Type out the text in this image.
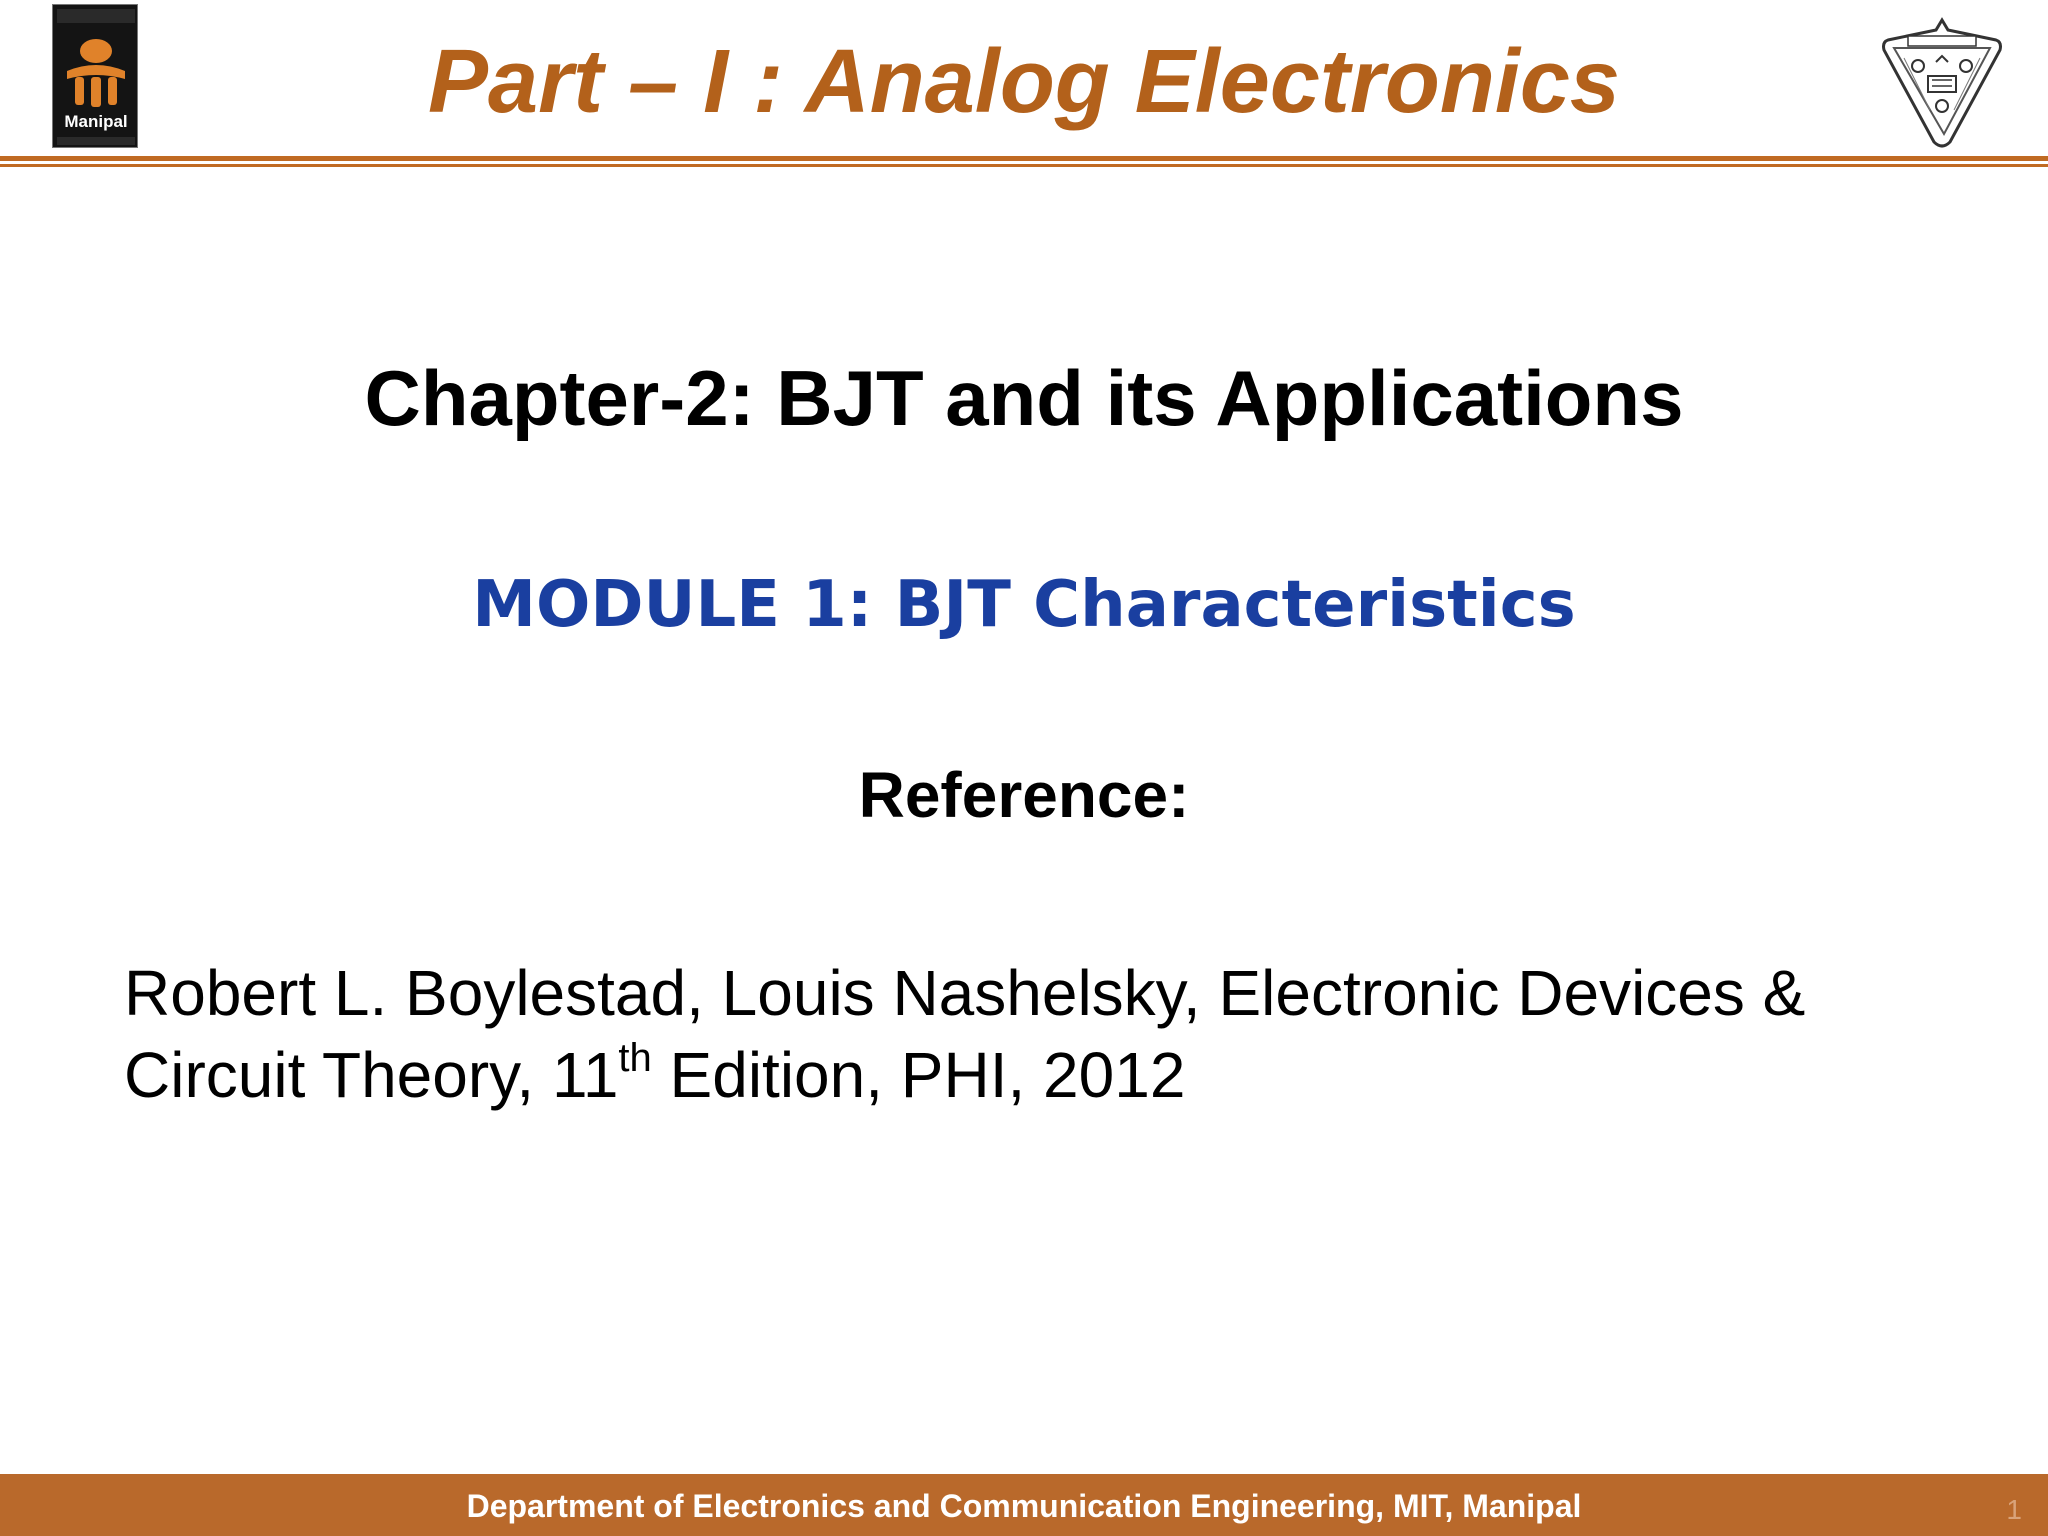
Manipal	Part – I : Analog Electronics
Chapter-2: BJT and its Applications
MODULE 1: BJT Characteristics
Reference:
Robert L. Boylestad, Louis Nashelsky, Electronic Devices &
Circuit Theory, 11th Edition, PHI, 2012
Department of Electronics and Communication Engineering, MIT, Manipal	1
